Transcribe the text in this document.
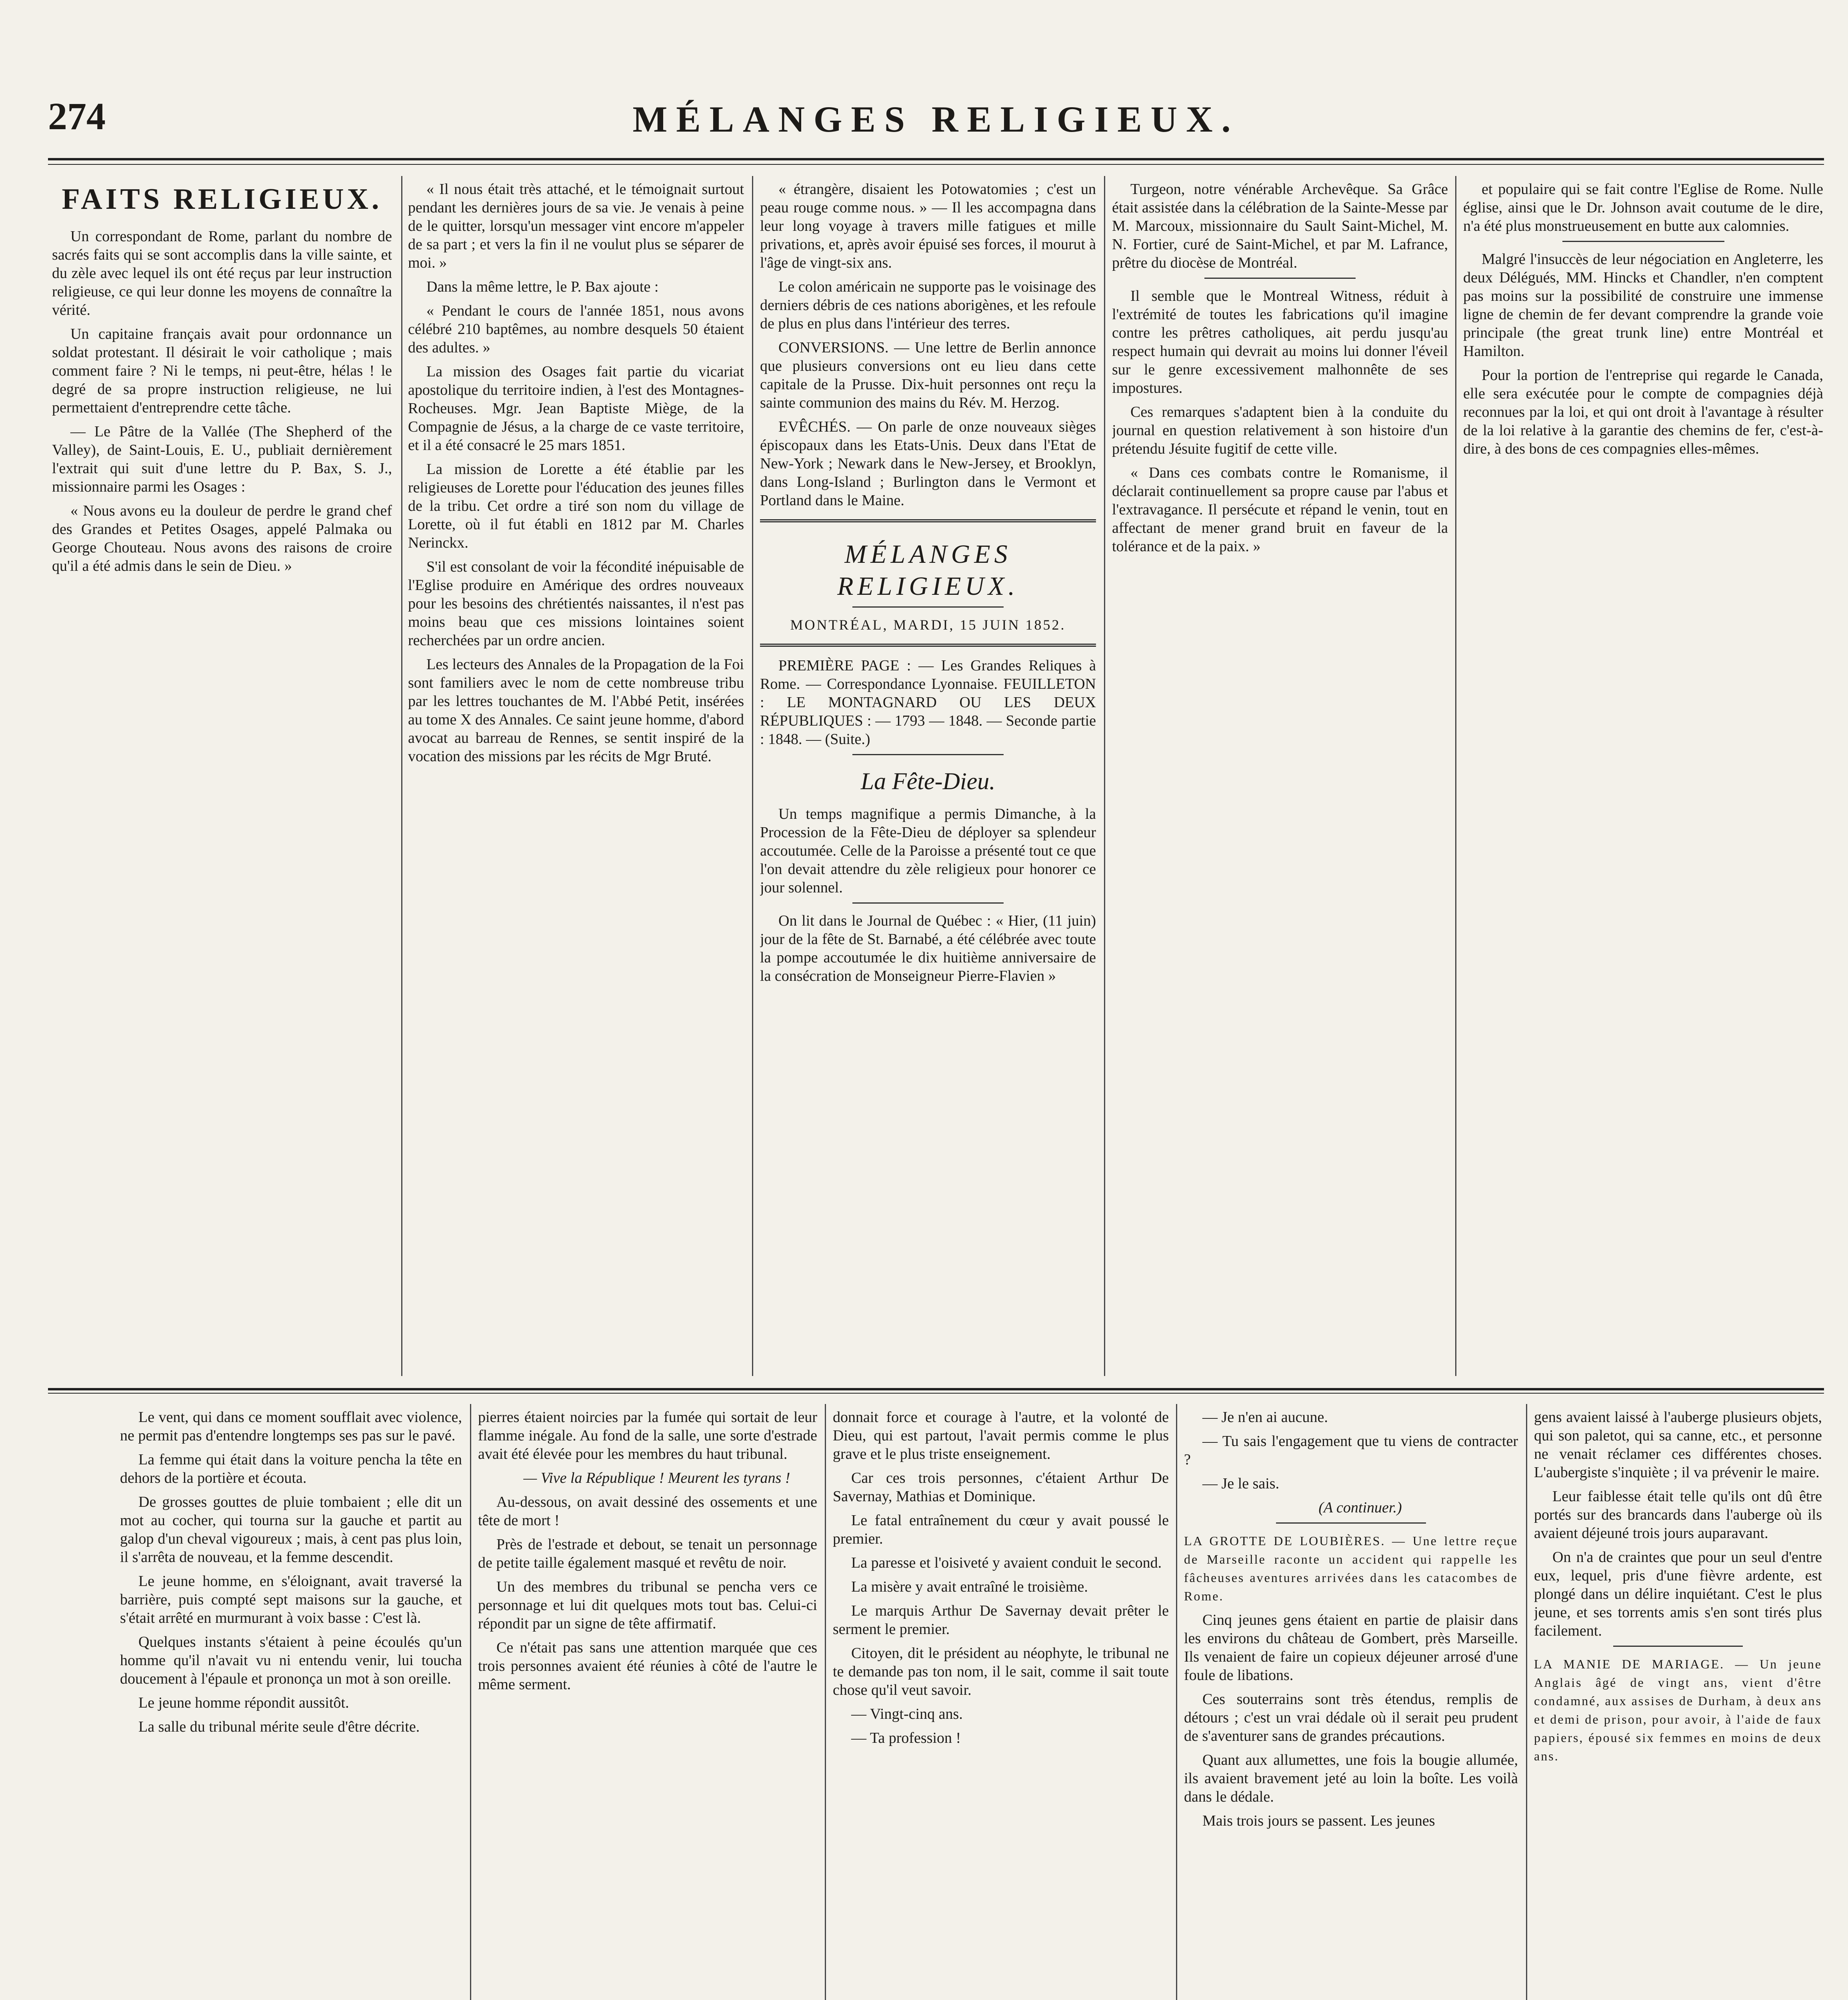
274	MÉLANGES RELIGIEUX.
FAITS RELIGIEUX.

Un correspondant de Rome, parlant du nombre de sacrés faits qui se sont accomplis dans la ville sainte, et du zèle avec lequel ils ont été reçus par leur instruction religieuse, ce qui leur donne les moyens de connaître la vérité.

Un capitaine français avait pour ordonnance un soldat protestant. Il désirait le voir catholique ; mais comment faire ? Ni le temps, ni peut-être, hélas ! le degré de sa propre instruction religieuse, ne lui permettaient d'entreprendre cette tâche.

— Le Pâtre de la Vallée (The Shepherd of the Valley), de Saint-Louis, E. U., publiait dernièrement l'extrait qui suit d'une lettre du P. Bax, S. J., missionnaire parmi les Osages :

« Nous avons eu la douleur de perdre le grand chef des Grandes et Petites Osages, appelé Palmaka ou George Chouteau. Nous avons des raisons de croire qu'il a été admis dans le sein de Dieu. »

« Il nous était très attaché, et le témoignait surtout pendant les dernières jours de sa vie. Je venais à peine de le quitter, lorsqu'un messager vint encore m'appeler de sa part ; et vers la fin il ne voulut plus se séparer de moi. »

Dans la même lettre, le P. Bax ajoute :

« Pendant le cours de l'année 1851, nous avons célébré 210 baptêmes, au nombre desquels 50 étaient des adultes. »

La mission des Osages fait partie du vicariat apostolique du territoire indien, à l'est des Montagnes-Rocheuses. Mgr. Jean Baptiste Miège, de la Compagnie de Jésus, a la charge de ce vaste territoire, et il a été consacré le 25 mars 1851.

La mission de Lorette a été établie par les religieuses de Lorette pour l'éducation des jeunes filles de la tribu. Cet ordre a tiré son nom du village de Lorette, où il fut établi en 1812 par M. Charles Nerinckx.

S'il est consolant de voir la fécondité inépuisable de l'Eglise produire en Amérique des ordres nouveaux pour les besoins des chrétientés naissantes, il n'est pas moins beau que ces missions lointaines soient recherchées par un ordre ancien.

Les lecteurs des Annales de la Propagation de la Foi sont familiers avec le nom de cette nombreuse tribu par les lettres touchantes de M. l'Abbé Petit, insérées au tome X des Annales. Ce saint jeune homme, d'abord avocat au barreau de Rennes, se sentit inspiré de la vocation des missions par les récits de Mgr Bruté.

« étrangère, disaient les Potowatomies ; c'est un peau rouge comme nous. » — Il les accompagna dans leur long voyage à travers mille fatigues et mille privations, et, après avoir épuisé ses forces, il mourut à l'âge de vingt-six ans.

Le colon américain ne supporte pas le voisinage des derniers débris de ces nations aborigènes, et les refoule de plus en plus dans l'intérieur des terres.

CONVERSIONS. — Une lettre de Berlin annonce que plusieurs conversions ont eu lieu dans cette capitale de la Prusse. Dix-huit personnes ont reçu la sainte communion des mains du Rév. M. Herzog.

EVÊCHÉS. — On parle de onze nouveaux sièges épiscopaux dans les Etats-Unis. Deux dans l'Etat de New-York ; Newark dans le New-Jersey, et Brooklyn, dans Long-Island ; Burlington dans le Vermont et Portland dans le Maine.

MÉLANGES RELIGIEUX.
MONTRÉAL, MARDI, 15 JUIN 1852.

PREMIÈRE PAGE : — Les Grandes Reliques à Rome. — Correspondance Lyonnaise. FEUILLETON : LE MONTAGNARD OU LES DEUX RÉPUBLIQUES : — 1793 — 1848. — Seconde partie : 1848. — (Suite.)

La Fête-Dieu.

Un temps magnifique a permis Dimanche, à la Procession de la Fête-Dieu de déployer sa splendeur accoutumée. Celle de la Paroisse a présenté tout ce que l'on devait attendre du zèle religieux pour honorer ce jour solennel.

On lit dans le Journal de Québec : « Hier, (11 juin) jour de la fête de St. Barnabé, a été célébrée avec toute la pompe accoutumée le dix huitième anniversaire de la consécration de Monseigneur Pierre-Flavien »

Turgeon, notre vénérable Archevêque. Sa Grâce était assistée dans la célébration de la Sainte-Messe par M. Marcoux, missionnaire du Sault Saint-Michel, M. N. Fortier, curé de Saint-Michel, et par M. Lafrance, prêtre du diocèse de Montréal.

Il semble que le Montreal Witness, réduit à l'extrémité de toutes les fabrications qu'il imagine contre les prêtres catholiques, ait perdu jusqu'au respect humain qui devrait au moins lui donner l'éveil sur le genre excessivement malhonnête de ses impostures.

Ces remarques s'adaptent bien à la conduite du journal en question relativement à son histoire d'un prétendu Jésuite fugitif de cette ville.

« Dans ces combats contre le Romanisme, il déclarait continuellement sa propre cause par l'abus et l'extravagance. Il persécute et répand le venin, tout en affectant de mener grand bruit en faveur de la tolérance et de la paix. »

et populaire qui se fait contre l'Eglise de Rome. Nulle église, ainsi que le Dr. Johnson avait coutume de le dire, n'a été plus monstrueusement en butte aux calomnies.

Malgré l'insuccès de leur négociation en Angleterre, les deux Délégués, MM. Hincks et Chandler, n'en comptent pas moins sur la possibilité de construire une immense ligne de chemin de fer devant comprendre la grande voie principale (the great trunk line) entre Montréal et Hamilton.

Pour la portion de l'entreprise qui regarde le Canada, elle sera exécutée pour le compte de compagnies déjà reconnues par la loi, et qui ont droit à l'avantage à résulter de la loi relative à la garantie des chemins de fer, c'est-à-dire, à des bons de ces compagnies elles-mêmes.

Le vent, qui dans ce moment soufflait avec violence, ne permit pas d'entendre longtemps ses pas sur le pavé.

La femme qui était dans la voiture pencha la tête en dehors de la portière et écouta.

De grosses gouttes de pluie tombaient ; elle dit un mot au cocher, qui tourna sur la gauche et partit au galop d'un cheval vigoureux ; mais, à cent pas plus loin, il s'arrêta de nouveau, et la femme descendit.

Le jeune homme, en s'éloignant, avait traversé la barrière, puis compté sept maisons sur la gauche, et s'était arrêté en murmurant à voix basse : C'est là.

Quelques instants s'étaient à peine écoulés qu'un homme qu'il n'avait vu ni entendu venir, lui toucha doucement à l'épaule et prononça un mot à son oreille.

Le jeune homme répondit aussitôt.

La salle du tribunal mérite seule d'être décrite.

pierres étaient noircies par la fumée qui sortait de leur flamme inégale. Au fond de la salle, une sorte d'estrade avait été élevée pour les membres du haut tribunal.

— Vive la République ! Meurent les tyrans !

Au-dessous, on avait dessiné des ossements et une tête de mort !

Près de l'estrade et debout, se tenait un personnage de petite taille également masqué et revêtu de noir.

Un des membres du tribunal se pencha vers ce personnage et lui dit quelques mots tout bas. Celui-ci répondit par un signe de tête affirmatif.

Ce n'était pas sans une attention marquée que ces trois personnes avaient été réunies à côté de l'autre le même serment.

donnait force et courage à l'autre, et la volonté de Dieu, qui est partout, l'avait permis comme le plus grave et le plus triste enseignement.

Car ces trois personnes, c'étaient Arthur De Savernay, Mathias et Dominique.

Le fatal entraînement du cœur y avait poussé le premier.

La paresse et l'oisiveté y avaient conduit le second.

La misère y avait entraîné le troisième.

Le marquis Arthur De Savernay devait prêter le serment le premier.

Citoyen, dit le président au néophyte, le tribunal ne te demande pas ton nom, il le sait, comme il sait toute chose qu'il veut savoir.

— Vingt-cinq ans.

— Ta profession !

— Je n'en ai aucune.

— Tu sais l'engagement que tu viens de contracter ?

— Je le sais.

(A continuer.)

LA GROTTE DE LOUBIÈRES. — Une lettre reçue de Marseille raconte un accident qui rappelle les fâcheuses aventures arrivées dans les catacombes de Rome.

Cinq jeunes gens étaient en partie de plaisir dans les environs du château de Gombert, près Marseille. Ils venaient de faire un copieux déjeuner arrosé d'une foule de libations.

Ces souterrains sont très étendus, remplis de détours ; c'est un vrai dédale où il serait peu prudent de s'aventurer sans de grandes précautions.

Quant aux allumettes, une fois la bougie allumée, ils avaient bravement jeté au loin la boîte. Les voilà dans le dédale.

Mais trois jours se passent. Les jeunes

gens avaient laissé à l'auberge plusieurs objets, qui son paletot, qui sa canne, etc., et personne ne venait réclamer ces différentes choses. L'aubergiste s'inquiète ; il va prévenir le maire.

Leur faiblesse était telle qu'ils ont dû être portés sur des brancards dans l'auberge où ils avaient déjeuné trois jours auparavant.

On n'a de craintes que pour un seul d'entre eux, lequel, pris d'une fièvre ardente, est plongé dans un délire inquiétant. C'est le plus jeune, et ses torrents amis s'en sont tirés plus facilement.

LA MANIE DE MARIAGE. — Un jeune Anglais âgé de vingt ans, vient d'être condamné, aux assises de Durham, à deux ans et demi de prison, pour avoir, à l'aide de faux papiers, épousé six femmes en moins de deux ans.
